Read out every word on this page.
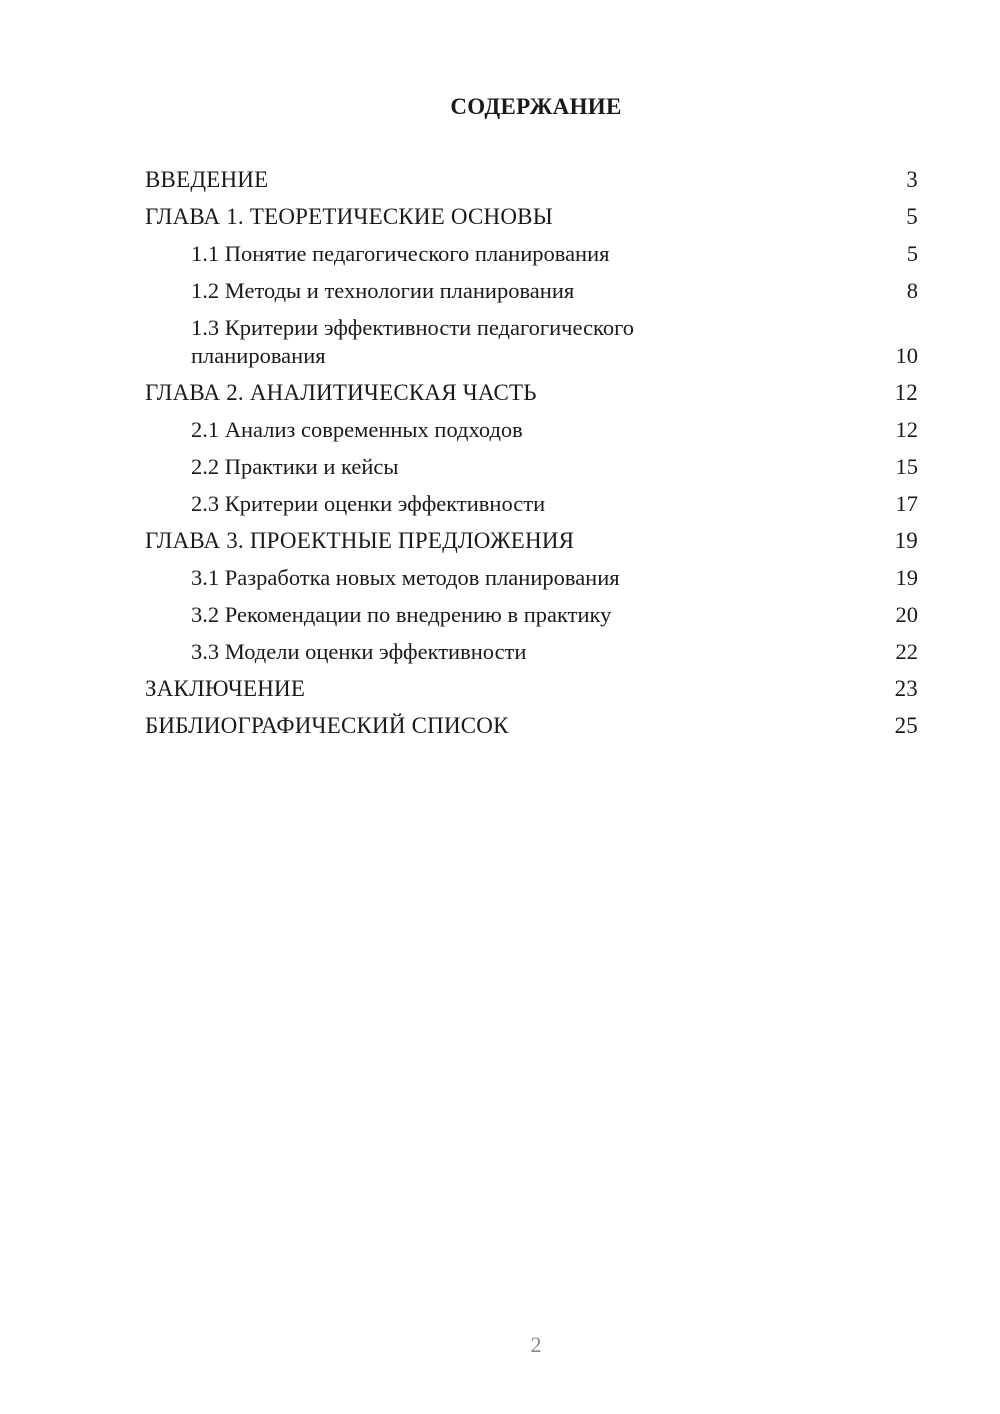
СОДЕРЖАНИЕ
ВВЕДЕНИЕ	3
ГЛАВА 1. ТЕОРЕТИЧЕСКИЕ ОСНОВЫ	5
1.1 Понятие педагогического планирования	5
1.2 Методы и технологии планирования	8
1.3 Критерии эффективности педагогического планирования	10
ГЛАВА 2. АНАЛИТИЧЕСКАЯ ЧАСТЬ	12
2.1 Анализ современных подходов	12
2.2 Практики и кейсы	15
2.3 Критерии оценки эффективности	17
ГЛАВА 3. ПРОЕКТНЫЕ ПРЕДЛОЖЕНИЯ	19
3.1 Разработка новых методов планирования	19
3.2 Рекомендации по внедрению в практику	20
3.3 Модели оценки эффективности	22
ЗАКЛЮЧЕНИЕ	23
БИБЛИОГРАФИЧЕСКИЙ СПИСОК	25
2
